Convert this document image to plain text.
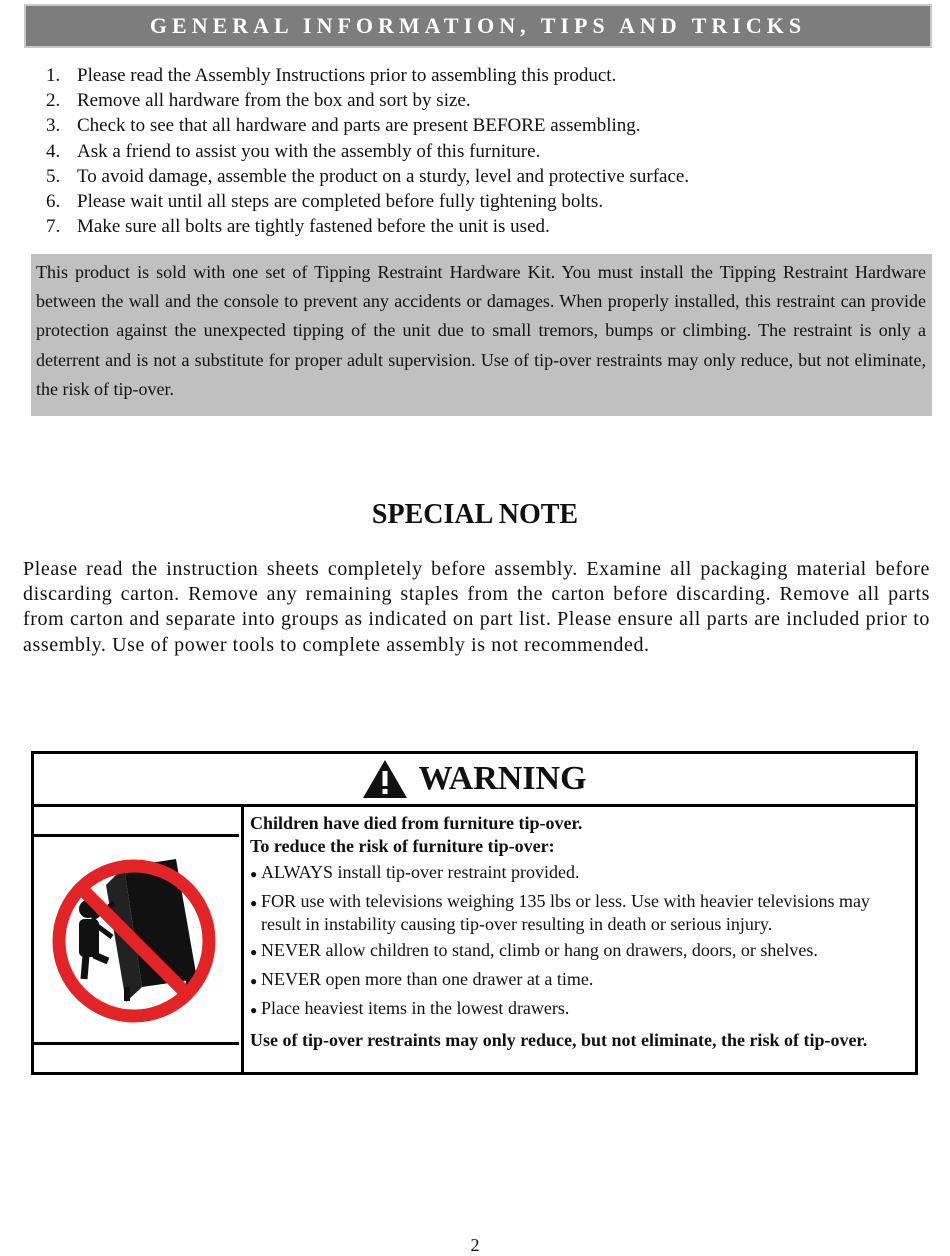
GENERAL INFORMATION, TIPS AND TRICKS
1. Please read the Assembly Instructions prior to assembling this product.
2. Remove all hardware from the box and sort by size.
3. Check to see that all hardware and parts are present BEFORE assembling.
4. Ask a friend to assist you with the assembly of this furniture.
5. To avoid damage, assemble the product on a sturdy, level and protective surface.
6. Please wait until all steps are completed before fully tightening bolts.
7. Make sure all bolts are tightly fastened before the unit is used.
This product is sold with one set of Tipping Restraint Hardware Kit. You must install the Tipping Restraint Hardware between the wall and the console to prevent any accidents or damages. When properly installed, this restraint can provide protection against the unexpected tipping of the unit due to small tremors, bumps or climbing. The restraint is only a deterrent and is not a substitute for proper adult supervision. Use of tip-over restraints may only reduce, but not eliminate, the risk of tip-over.
SPECIAL NOTE
Please read the instruction sheets completely before assembly. Examine all packaging material before discarding carton. Remove any remaining staples from the carton before discarding. Remove all parts from carton and separate into groups as indicated on part list. Please ensure all parts are included prior to assembly. Use of power tools to complete assembly is not recommended.
WARNING
Children have died from furniture tip-over.
To reduce the risk of furniture tip-over:
● ALWAYS install tip-over restraint provided.
● FOR use with televisions weighing 135 lbs or less. Use with heavier televisions may result in instability causing tip-over resulting in death or serious injury.
● NEVER allow children to stand, climb or hang on drawers, doors, or shelves.
● NEVER open more than one drawer at a time.
● Place heaviest items in the lowest drawers.
Use of tip-over restraints may only reduce, but not eliminate, the risk of tip-over.
2
